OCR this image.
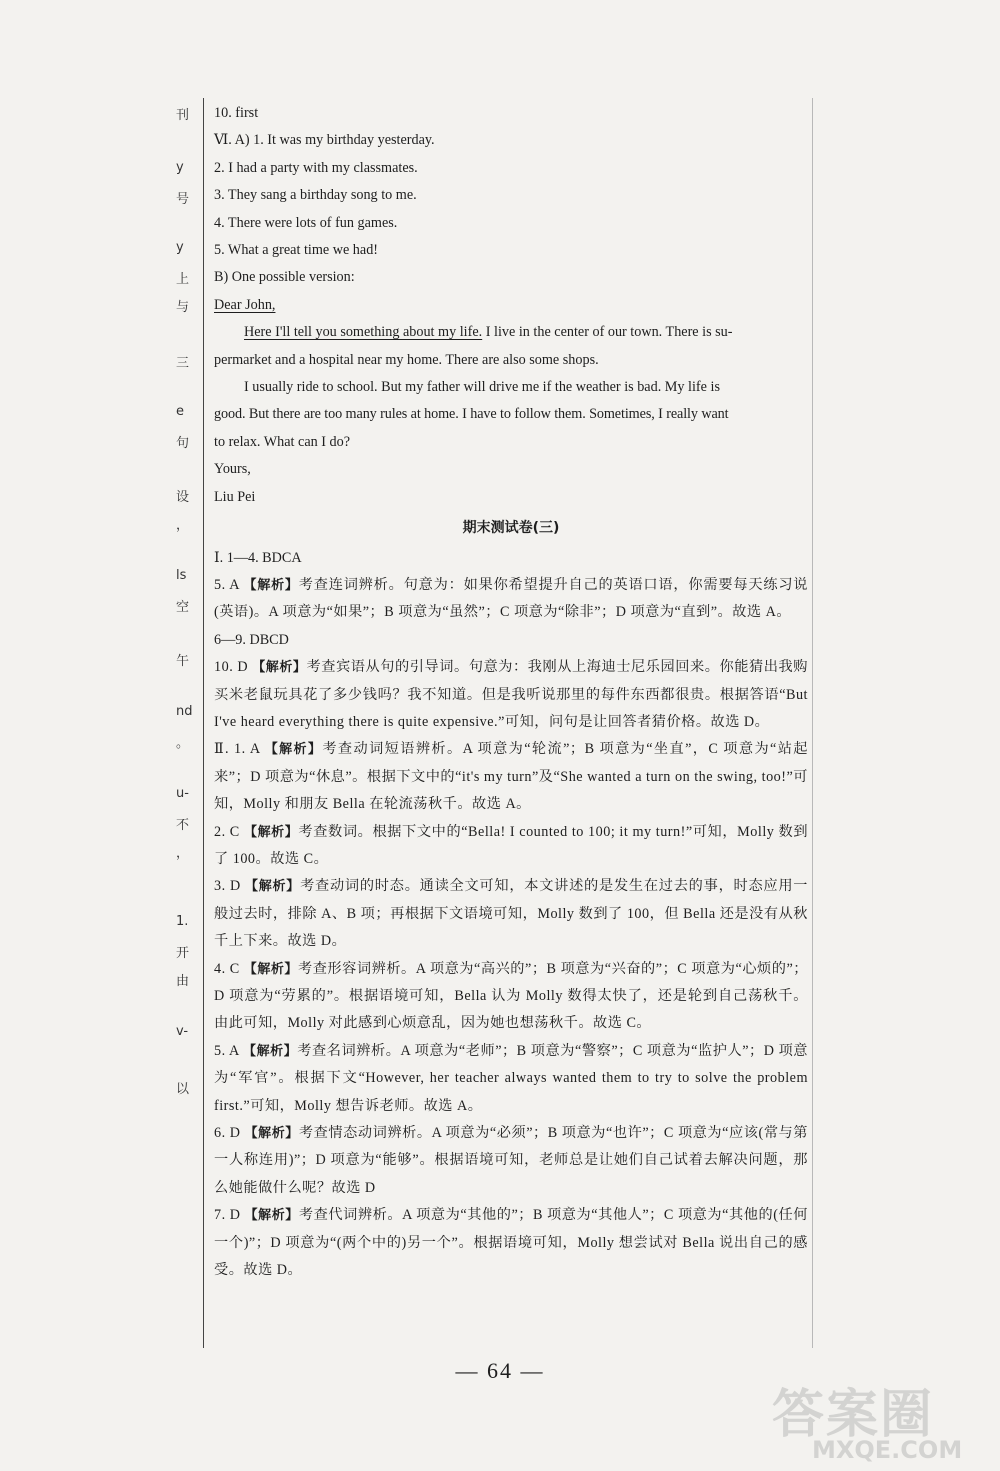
刊
y
号
y
上
与
三
e
句
设
，
ls
空
午
nd
。
u-
不
，
1.
开
由
v-
以
10. first
Ⅵ. A) 1. It was my birthday yesterday.
2. I had a party with my classmates.
3. They sang a birthday song to me.
4. There were lots of fun games.
5. What a great time we had!
B) One possible version:
Dear John,
Here I'll tell you something about my life. I live in the center of our town. There is su-
permarket and a hospital near my home. There are also some shops.
I usually ride to school. But my father will drive me if the weather is bad. My life is
good. But there are too many rules at home. I have to follow them. Sometimes, I really want
to relax. What can I do?
Yours,
Liu Pei
期末测试卷(三)
Ⅰ. 1—4. BDCA
5. A 【解析】考查连词辨析。句意为：如果你希望提升自己的英语口语，你需要每天练习说(英语)。A 项意为“如果”；B 项意为“虽然”；C 项意为“除非”；D 项意为“直到”。故选 A。
6—9. DBCD
10. D 【解析】考查宾语从句的引导词。句意为：我刚从上海迪士尼乐园回来。你能猜出我购买米老鼠玩具花了多少钱吗？我不知道。但是我听说那里的每件东西都很贵。根据答语“But I've heard everything there is quite expensive.”可知，问句是让回答者猜价格。故选 D。
Ⅱ. 1. A 【解析】考查动词短语辨析。A 项意为“轮流”；B 项意为“坐直”，C 项意为“站起来”；D 项意为“休息”。根据下文中的“it's my turn”及“She wanted a turn on the swing, too!”可知，Molly 和朋友 Bella 在轮流荡秋千。故选 A。
2. C 【解析】考查数词。根据下文中的“Bella! I counted to 100; it my turn!”可知，Molly 数到了 100。故选 C。
3. D 【解析】考查动词的时态。通读全文可知，本文讲述的是发生在过去的事，时态应用一般过去时，排除 A、B 项；再根据下文语境可知，Molly 数到了 100，但 Bella 还是没有从秋千上下来。故选 D。
4. C 【解析】考查形容词辨析。A 项意为“高兴的”；B 项意为“兴奋的”；C 项意为“心烦的”；D 项意为“劳累的”。根据语境可知，Bella 认为 Molly 数得太快了，还是轮到自己荡秋千。由此可知，Molly 对此感到心烦意乱，因为她也想荡秋千。故选 C。
5. A 【解析】考查名词辨析。A 项意为“老师”；B 项意为“警察”；C 项意为“监护人”；D 项意为“军官”。根据下文“However, her teacher always wanted them to try to solve the problem first.”可知，Molly 想告诉老师。故选 A。
6. D 【解析】考查情态动词辨析。A 项意为“必须”；B 项意为“也许”；C 项意为“应该(常与第一人称连用)”；D 项意为“能够”。根据语境可知，老师总是让她们自己试着去解决问题，那么她能做什么呢？故选 D
7. D 【解析】考查代词辨析。A 项意为“其他的”；B 项意为“其他人”；C 项意为“其他的(任何一个)”；D 项意为“(两个中的)另一个”。根据语境可知，Molly 想尝试对 Bella 说出自己的感受。故选 D。
— 64 —
答案圈
MXQE.COM
